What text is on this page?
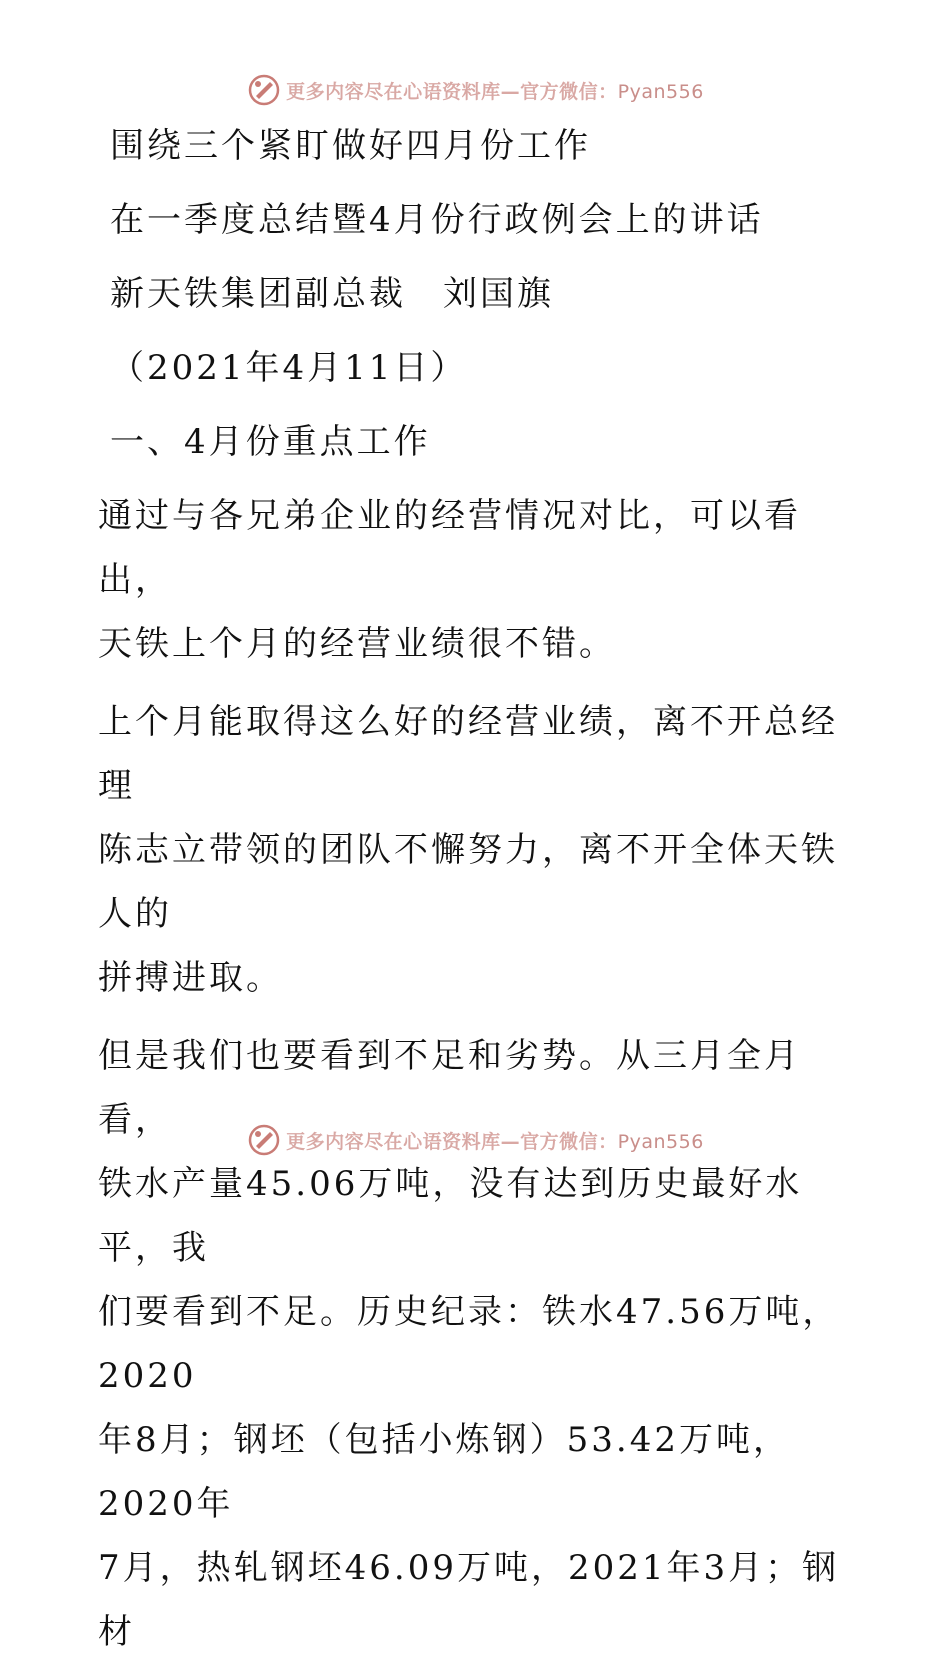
更多内容尽在心语资料库—官方微信：Pyan556

围绕三个紧盯做好四月份工作

在一季度总结暨4月份行政例会上的讲话

新天铁集团副总裁　刘国旗

（2021年4月11日）

一、4月份重点工作

通过与各兄弟企业的经营情况对比，可以看出，
天铁上个月的经营业绩很不错。

上个月能取得这么好的经营业绩，离不开总经理
陈志立带领的团队不懈努力，离不开全体天铁人的
拼搏进取。

但是我们也要看到不足和劣势。从三月全月看，
铁水产量45.06万吨，没有达到历史最好水平，我
们要看到不足。历史纪录：铁水47.56万吨，2020
年8月；钢坯（包括小炼钢）53.42万吨，2020年
7月，热轧钢坯46.09万吨，2021年3月；钢材

更多内容尽在心语资料库—官方微信：Pyan556
